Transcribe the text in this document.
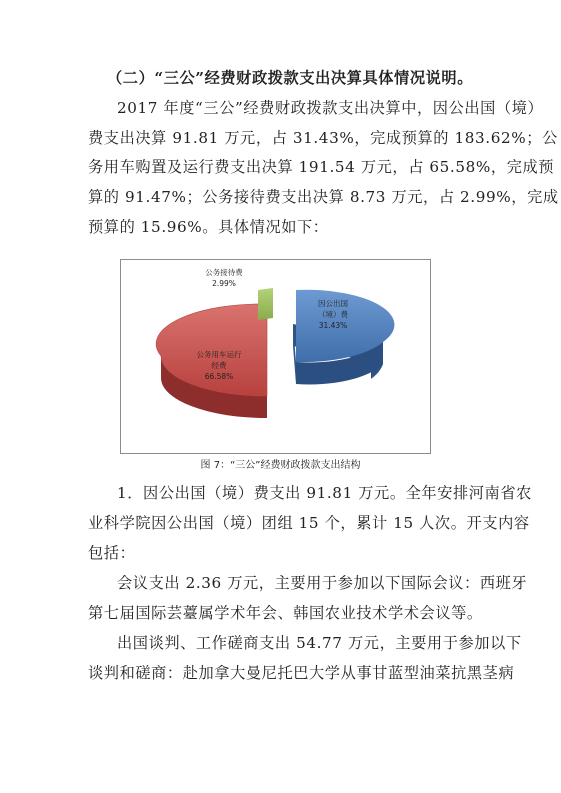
（二）“三公”经费财政拨款支出决算具体情况说明。
2017 年度“三公”经费财政拨款支出决算中，因公出国（境）
费支出决算 91.81 万元，占 31.43%，完成预算的 183.62%；公
务用车购置及运行费支出决算 191.54 万元，占 65.58%，完成预
算的 91.47%；公务接待费支出决算 8.73 万元，占 2.99%，完成
预算的 15.96%。具体情况如下：
公务接待费
2.99%
因公出国
（境）费
31.43%
公务用车运行
经费
66.58%
图 7：“三公”经费财政拨款支出结构
1．因公出国（境）费支出 91.81 万元。全年安排河南省农
业科学院因公出国（境）团组 15 个，累计 15 人次。开支内容
包括：
会议支出 2.36 万元，主要用于参加以下国际会议：西班牙
第七届国际芸薹属学术年会、韩国农业技术学术会议等。
出国谈判、工作磋商支出 54.77 万元，主要用于参加以下
谈判和磋商：赴加拿大曼尼托巴大学从事甘蓝型油菜抗黑茎病
